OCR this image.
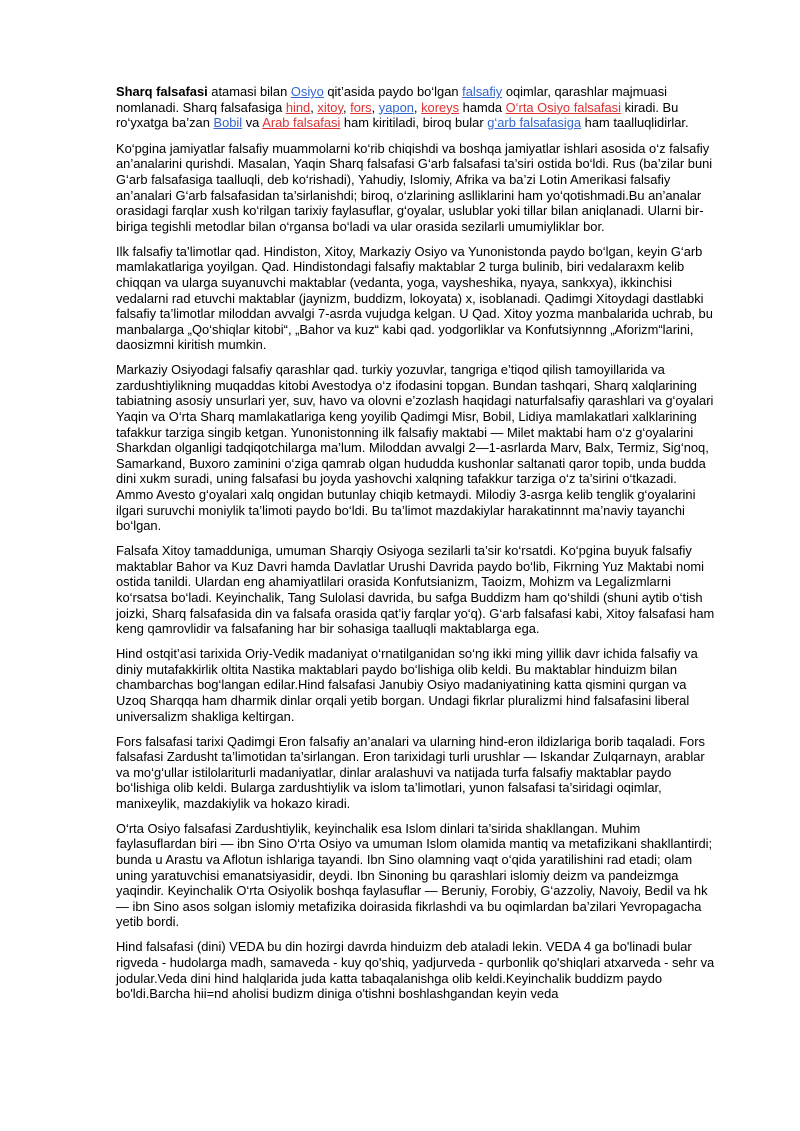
Sharq falsafasi atamasi bilan Osiyo qit’asida paydo bo‘lgan falsafiy oqimlar, qarashlar majmuasi nomlanadi. Sharq falsafasiga hind, xitoy, fors, yapon, koreys hamda O‘rta Osiyo falsafasi kiradi. Bu ro‘yxatga ba’zan Bobil va Arab falsafasi ham kiritiladi, biroq bular g‘arb falsafasiga ham taalluqlidirlar.

Ko‘pgina jamiyatlar falsafiy muammolarni ko‘rib chiqishdi va boshqa jamiyatlar ishlari asosida o‘z falsafiy an’analarini qurishdi. Masalan, Yaqin Sharq falsafasi G‘arb falsafasi ta’siri ostida bo‘ldi. Rus (ba’zilar buni G‘arb falsafasiga taalluqli, deb ko‘rishadi), Yahudiy, Islomiy, Afrika va ba’zi Lotin Amerikasi falsafiy an’analari G‘arb falsafasidan ta’sirlanishdi; biroq, o‘zlarining aslliklarini ham yo‘qotishmadi.Bu an’analar orasidagi farqlar xush ko‘rilgan tarixiy faylasuflar, g‘oyalar, uslublar yoki tillar bilan aniqlanadi. Ularni bir-biriga tegishli metodlar bilan o‘rgansa bo‘ladi va ular orasida sezilarli umumiyliklar bor.

Ilk falsafiy ta’limotlar qad. Hindiston, Xitoy, Markaziy Osiyo va Yunonistonda paydo bo‘lgan, keyin G‘arb mamlakatlariga yoyilgan. Qad. Hindistondagi falsafiy maktablar 2 turga bulinib, biri vedalaraxm kelib chiqqan va ularga suyanuvchi maktablar (vedanta, yoga, vaysheshika, nyaya, sankxya), ikkinchisi vedalarni rad etuvchi maktablar (jaynizm, buddizm, lokoyata) x, isoblanadi. Qadimgi Xitoydagi dastlabki falsafiy ta’limotlar miloddan avvalgi 7-asrda vujudga kelgan. U Qad. Xitoy yozma manbalarida uchrab, bu manbalarga „Qo‘shiqlar kitobi“, „Bahor va kuz“ kabi qad. yodgorliklar va Konfutsiynnng „Aforizm“larini, daosizmni kiritish mumkin.

Markaziy Osiyodagi falsafiy qarashlar qad. turkiy yozuvlar, tangriga e’tiqod qilish tamoyillarida va zardushtiylikning muqaddas kitobi Avestodya o‘z ifodasini topgan. Bundan tashqari, Sharq xalqlarining tabiatning asosiy unsurlari yer, suv, havo va olovni e’zozlash haqidagi naturfalsafiy qarashlari va g‘oyalari Yaqin va O‘rta Sharq mamlakatlariga keng yoyilib Qadimgi Misr, Bobil, Lidiya mamlakatlari xalklarining tafakkur tarziga singib ketgan. Yunonistonning ilk falsafiy maktabi — Milet maktabi ham o‘z g‘oyalarini Sharkdan olganligi tadqiqotchilarga ma’lum. Miloddan avvalgi 2—1-asrlarda Marv, Balx, Termiz, Sig‘noq, Samarkand, Buxoro zaminini o‘ziga qamrab olgan hududda kushonlar saltanati qaror topib, unda budda dini xukm suradi, uning falsafasi bu joyda yashovchi xalqning tafakkur tarziga o‘z ta’sirini o‘tkazadi. Ammo Avesto g‘oyalari xalq ongidan butunlay chiqib ketmaydi. Milodiy 3-asrga kelib tenglik g‘oyalarini ilgari suruvchi moniylik ta’limoti paydo bo‘ldi. Bu ta’limot mazdakiylar harakatinnnt ma’naviy tayanchi bo‘lgan.

Falsafa Xitoy tamadduniga, umuman Sharqiy Osiyoga sezilarli ta’sir ko‘rsatdi. Ko‘pgina buyuk falsafiy maktablar Bahor va Kuz Davri hamda Davlatlar Urushi Davrida paydo bo‘lib, Fikrning Yuz Maktabi nomi ostida tanildi. Ulardan eng ahamiyatlilari orasida Konfutsianizm, Taoizm, Mohizm va Legalizmlarni ko‘rsatsa bo‘ladi. Keyinchalik, Tang Sulolasi davrida, bu safga Buddizm ham qo‘shildi (shuni aytib o‘tish joizki, Sharq falsafasida din va falsafa orasida qat’iy farqlar yo‘q). G‘arb falsafasi kabi, Xitoy falsafasi ham keng qamrovlidir va falsafaning har bir sohasiga taalluqli maktablarga ega.

Hind ostqit’asi tarixida Oriy-Vedik madaniyat o‘rnatilganidan so‘ng ikki ming yillik davr ichida falsafiy va diniy mutafakkirlik oltita Nastika maktablari paydo bo‘lishiga olib keldi. Bu maktablar hinduizm bilan chambarchas bog‘langan edilar.Hind falsafasi Janubiy Osiyo madaniyatining katta qismini qurgan va Uzoq Sharqqa ham dharmik dinlar orqali yetib borgan. Undagi fikrlar pluralizmi hind falsafasini liberal universalizm shakliga keltirgan.

Fors falsafasi tarixi Qadimgi Eron falsafiy an’analari va ularning hind-eron ildizlariga borib taqaladi. Fors falsafasi Zardusht ta’limotidan ta’sirlangan. Eron tarixidagi turli urushlar — Iskandar Zulqarnayn, arablar va mo‘g‘ullar istilolariturli madaniyatlar, dinlar aralashuvi va natijada turfa falsafiy maktablar paydo bo‘lishiga olib keldi. Bularga zardushtiylik va islom ta’limotlari, yunon falsafasi ta’siridagi oqimlar, manixeylik, mazdakiylik va hokazo kiradi.

O‘rta Osiyo falsafasi Zardushtiylik, keyinchalik esa Islom dinlari ta’sirida shakllangan. Muhim faylasuflardan biri — ibn Sino O‘rta Osiyo va umuman Islom olamida mantiq va metafizikani shakllantirdi; bunda u Arastu va Aflotun ishlariga tayandi. Ibn Sino olamning vaqt o‘qida yaratilishini rad etadi; olam uning yaratuvchisi emanatsiyasidir, deydi. Ibn Sinoning bu qarashlari islomiy deizm va pandeizmga yaqindir. Keyinchalik O‘rta Osiyolik boshqa faylasuflar — Beruniy, Forobiy, G‘azzoliy, Navoiy, Bedil va hk — ibn Sino asos solgan islomiy metafizika doirasida fikrlashdi va bu oqimlardan ba’zilari Yevropagacha yetib bordi.

Hind falsafasi (dini) VEDA bu din hozirgi davrda hinduizm deb ataladi lekin. VEDA 4 ga bo'linadi bular rigveda - hudolarga madh, samaveda - kuy qo'shiq, yadjurveda - qurbonlik qo'shiqlari atxarveda - sehr va jodular.Veda dini hind halqlarida juda katta tabaqalanishga olib keldi.Keyinchalik buddizm paydo bo'ldi.Barcha hii=nd aholisi budizm diniga o'tishni boshlashgandan keyin veda
